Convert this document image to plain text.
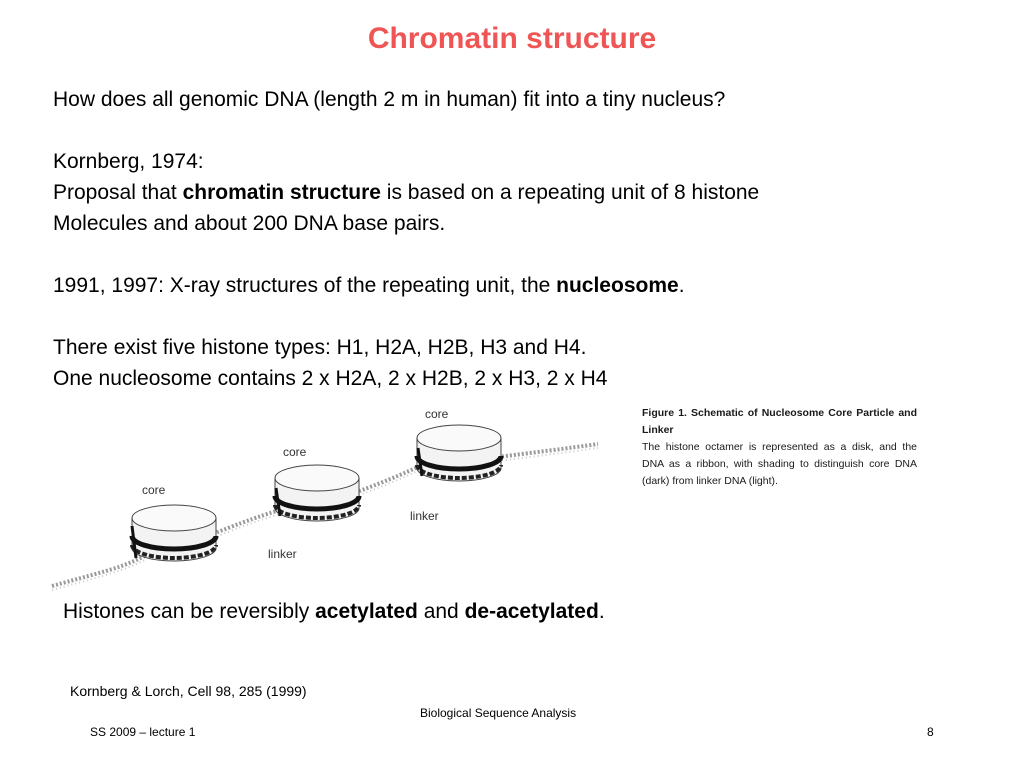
Chromatin structure

How does all genomic DNA (length 2 m in human) fit into a tiny nucleus?

Kornberg, 1974:

Proposal that chromatin structure is based on a repeating unit of 8 histone

Molecules and about 200 DNA base pairs.

1991, 1997: X-ray structures of the repeating unit, the nucleosome.

There exist five histone types: H1, H2A, H2B, H3 and H4.

One nucleosome contains 2 x H2A, 2 x H2B, 2 x H3, 2 x H4

core
core
core
linker
linker
Figure 1. Schematic of Nucleosome Core Particle and Linker
The histone octamer is represented as a disk, and the DNA as a ribbon, with shading to distinguish core DNA (dark) from linker DNA (light).
Histones can be reversibly acetylated and de-acetylated.
Kornberg & Lorch, Cell 98, 285 (1999)
Biological Sequence Analysis
SS 2009 – lecture 1	8
